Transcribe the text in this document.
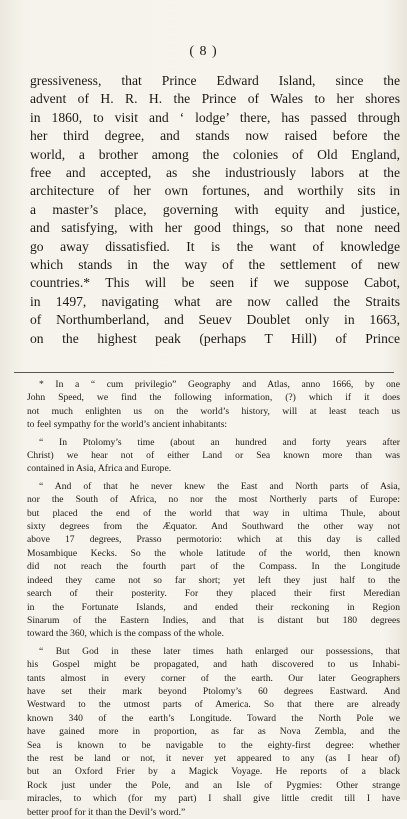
( 8 )
gressiveness, that Prince Edward Island, since the
advent of H. R. H. the Prince of Wales to her shores
in 1860, to visit and ‘ lodge’ there, has passed through
her third degree, and stands now raised before the
world, a brother among the colonies of Old England,
free and accepted, as she industriously labors at the
architecture of her own fortunes, and worthily sits in
a master’s place, governing with equity and justice,
and satisfying, with her good things, so that none need
go away dissatisfied. It is the want of knowledge
which stands in the way of the settlement of new
countries.* This will be seen if we suppose Cabot,
in 1497, navigating what are now called the Straits
of Northumberland, and Seuev Doublet only in 1663,
on the highest peak (perhaps T Hill) of Prince
* In a “ cum privilegio” Geography and Atlas, anno 1666, by one
John Speed, we find the following information, (?) which if it does
not much enlighten us on the world’s history, will at least teach us
to feel sympathy for the world’s ancient inhabitants:
“ In Ptolomy’s time (about an hundred and forty years after
Christ) we hear not of either Land or Sea known more than was
contained in Asia, Africa and Europe.
“ And of that he never knew the East and North parts of Asia,
nor the South of Africa, no nor the most Northerly parts of Europe:
but placed the end of the world that way in ultima Thule, about
sixty degrees from the Æquator. And Southward the other way not
above 17 degrees, Prasso permotorio: which at this day is called
Mosambique Kecks. So the whole latitude of the world, then known
did not reach the fourth part of the Compass. In the Longitude
indeed they came not so far short; yet left they just half to the
search of their posterity. For they placed their first Meredian
in the Fortunate Islands, and ended their reckoning in Region
Sinarum of the Eastern Indies, and that is distant but 180 degrees
toward the 360, which is the compass of the whole.
“ But God in these later times hath enlarged our possessions, that
his Gospel might be propagated, and hath discovered to us Inhabi-
tants almost in every corner of the earth. Our later Geographers
have set their mark beyond Ptolomy’s 60 degrees Eastward. And
Westward to the utmost parts of America. So that there are already
known 340 of the earth’s Longitude. Toward the North Pole we
have gained more in proportion, as far as Nova Zembla, and the
Sea is known to be navigable to the eighty-first degree: whether
the rest be land or not, it never yet appeared to any (as I hear of)
but an Oxford Frier by a Magick Voyage. He reports of a black
Rock just under the Pole, and an Isle of Pygmies: Other strange
miracles, to which (for my part) I shall give little credit till I have
better proof for it than the Devil’s word.”
